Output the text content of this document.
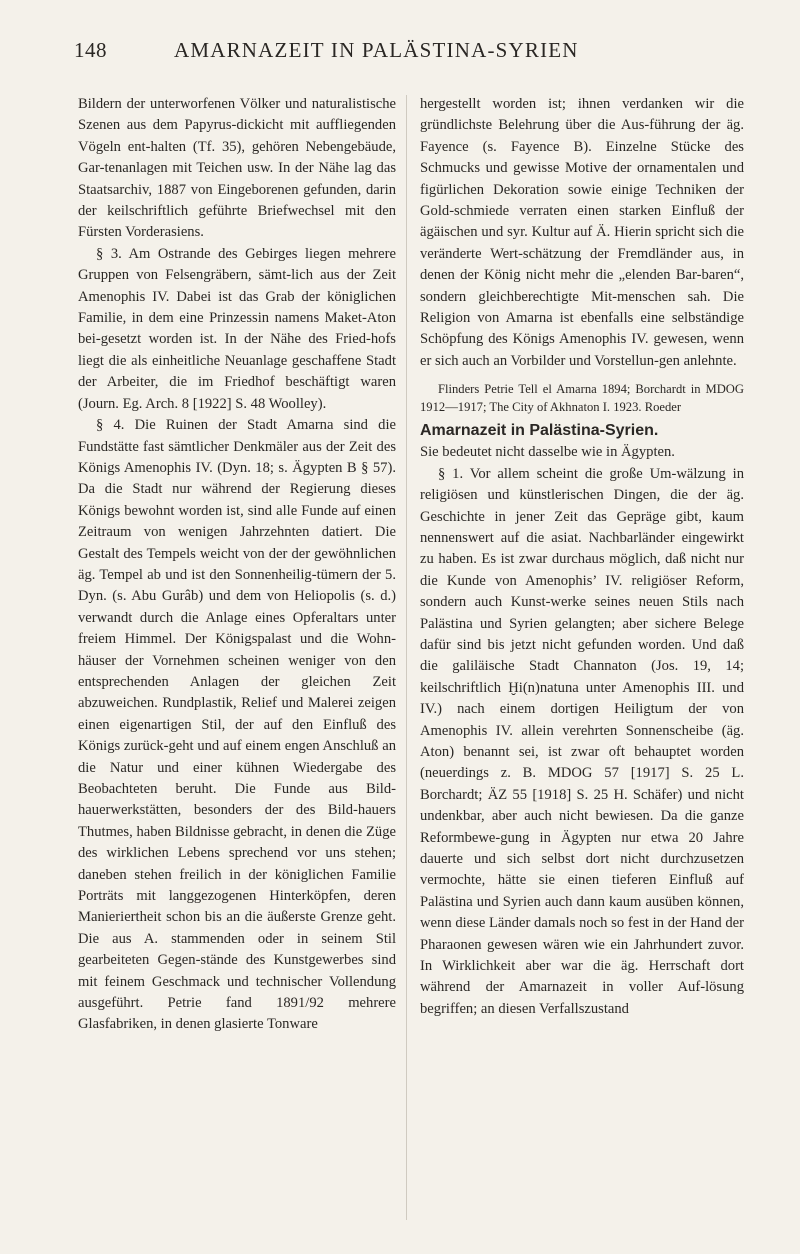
148	AMARNAZEIT IN PALÄSTINA-SYRIEN

Bildern der unterworfenen Völker und naturalistische Szenen aus dem Papyrus-dickicht mit auffliegenden Vögeln ent-halten (Tf. 35), gehören Nebengebäude, Gar-tenanlagen mit Teichen usw. In der Nähe lag das Staatsarchiv, 1887 von Eingeborenen gefunden, darin der keilschriftlich geführte Briefwechsel mit den Fürsten Vorderasiens.

§ 3. Am Ostrande des Gebirges liegen mehrere Gruppen von Felsengräbern, sämt-lich aus der Zeit Amenophis IV. Dabei ist das Grab der königlichen Familie, in dem eine Prinzessin namens Maket-Aton bei-gesetzt worden ist. In der Nähe des Fried-hofs liegt die als einheitliche Neuanlage geschaffene Stadt der Arbeiter, die im Friedhof beschäftigt waren (Journ. Eg. Arch. 8 [1922] S. 48 Woolley).

§ 4. Die Ruinen der Stadt Amarna sind die Fundstätte fast sämtlicher Denkmäler aus der Zeit des Königs Amenophis IV. (Dyn. 18; s. Ägypten B § 57). Da die Stadt nur während der Regierung dieses Königs bewohnt worden ist, sind alle Funde auf einen Zeitraum von wenigen Jahrzehnten datiert. Die Gestalt des Tempels weicht von der der gewöhnlichen äg. Tempel ab und ist den Sonnenheilig-tümern der 5. Dyn. (s. Abu Gurâb) und dem von Heliopolis (s. d.) verwandt durch die Anlage eines Opferaltars unter freiem Himmel. Der Königspalast und die Wohn-häuser der Vornehmen scheinen weniger von den entsprechenden Anlagen der gleichen Zeit abzuweichen. Rundplastik, Relief und Malerei zeigen einen eigenartigen Stil, der auf den Einfluß des Königs zurück-geht und auf einem engen Anschluß an die Natur und einer kühnen Wiedergabe des Beobachteten beruht. Die Funde aus Bild-hauerwerkstätten, besonders der des Bild-hauers Thutmes, haben Bildnisse gebracht, in denen die Züge des wirklichen Lebens sprechend vor uns stehen; daneben stehen freilich in der königlichen Familie Porträts mit langgezogenen Hinterköpfen, deren Manieriertheit schon bis an die äußerste Grenze geht. Die aus A. stammenden oder in seinem Stil gearbeiteten Gegen-stände des Kunstgewerbes sind mit feinem Geschmack und technischer Vollendung ausgeführt. Petrie fand 1891/92 mehrere Glasfabriken, in denen glasierte Tonware

hergestellt worden ist; ihnen verdanken wir die gründlichste Belehrung über die Aus-führung der äg. Fayence (s. Fayence B). Einzelne Stücke des Schmucks und gewisse Motive der ornamentalen und figürlichen Dekoration sowie einige Techniken der Gold-schmiede verraten einen starken Einfluß der ägäischen und syr. Kultur auf Ä. Hierin spricht sich die veränderte Wert-schätzung der Fremdländer aus, in denen der König nicht mehr die „elenden Bar-baren“, sondern gleichberechtigte Mit-menschen sah. Die Religion von Amarna ist ebenfalls eine selbständige Schöpfung des Königs Amenophis IV. gewesen, wenn er sich auch an Vorbilder und Vorstellun-gen anlehnte.

Flinders Petrie Tell el Amarna 1894; Borchardt in MDOG 1912—1917; The City of Akhnaton I. 1923. Roeder

Amarnazeit in Palästina-Syrien.

Sie bedeutet nicht dasselbe wie in Ägypten.

§ 1. Vor allem scheint die große Um-wälzung in religiösen und künstlerischen Dingen, die der äg. Geschichte in jener Zeit das Gepräge gibt, kaum nennenswert auf die asiat. Nachbarländer eingewirkt zu haben. Es ist zwar durchaus möglich, daß nicht nur die Kunde von Amenophis’ IV. religiöser Reform, sondern auch Kunst-werke seines neuen Stils nach Palästina und Syrien gelangten; aber sichere Belege dafür sind bis jetzt nicht gefunden worden. Und daß die galiläische Stadt Channaton (Jos. 19, 14; keilschriftlich Ḫi(n)natuna unter Amenophis III. und IV.) nach einem dortigen Heiligtum der von Amenophis IV. allein verehrten Sonnenscheibe (äg. Aton) benannt sei, ist zwar oft behauptet worden (neuerdings z. B. MDOG 57 [1917] S. 25 L. Borchardt; ÄZ 55 [1918] S. 25 H. Schäfer) und nicht undenkbar, aber auch nicht bewiesen. Da die ganze Reformbewe-gung in Ägypten nur etwa 20 Jahre dauerte und sich selbst dort nicht durchzusetzen vermochte, hätte sie einen tieferen Einfluß auf Palästina und Syrien auch dann kaum ausüben können, wenn diese Länder damals noch so fest in der Hand der Pharaonen gewesen wären wie ein Jahrhundert zuvor. In Wirklichkeit aber war die äg. Herrschaft dort während der Amarnazeit in voller Auf-lösung begriffen; an diesen Verfallszustand
